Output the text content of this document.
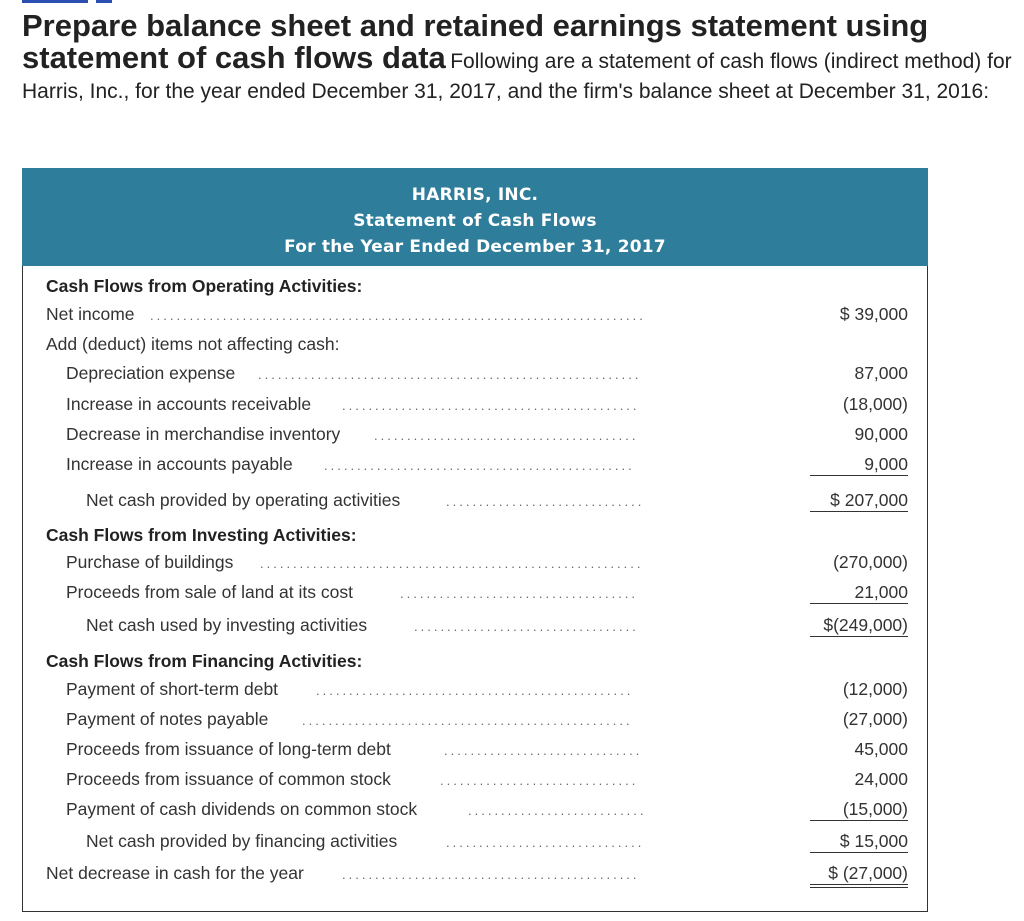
Prepare balance sheet and retained earnings statement using statement of cash flows data Following are a statement of cash flows (indirect method) for Harris, Inc., for the year ended December 31, 2017, and the firm's balance sheet at December 31, 2016:
HARRIS, INC.
Statement of Cash Flows
For the Year Ended December 31, 2017
Cash Flows from Operating Activities:
Net income	...........................................................................	$ 39,000
Add (deduct) items not affecting cash:
Depreciation expense	..........................................................	87,000
Increase in accounts receivable	.............................................	(18,000)
Decrease in merchandise inventory	........................................	90,000
Increase in accounts payable	...............................................	9,000
Net cash provided by operating activities	..............................	$ 207,000
Cash Flows from Investing Activities:
Purchase of buildings	..........................................................	(270,000)
Proceeds from sale of land at its cost	....................................	21,000
Net cash used by investing activities	..................................	$(249,000)
Cash Flows from Financing Activities:
Payment of short-term debt	................................................	(12,000)
Payment of notes payable	..................................................	(27,000)
Proceeds from issuance of long-term debt	..............................	45,000
Proceeds from issuance of common stock	..............................	24,000
Payment of cash dividends on common stock	...........................	(15,000)
Net cash provided by financing activities	..............................	$ 15,000
Net decrease in cash for the year	.............................................	$ (27,000)
